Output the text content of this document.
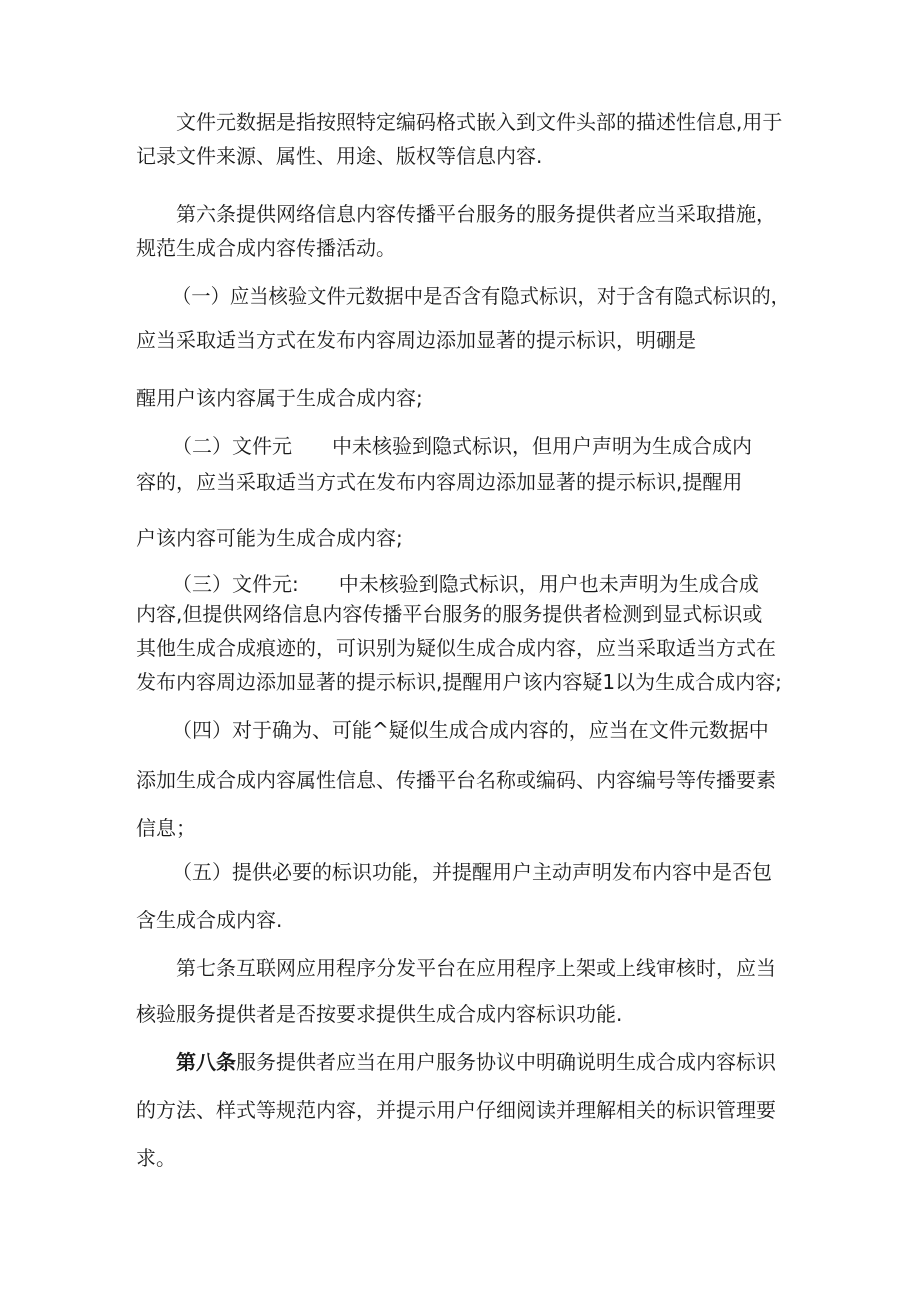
文件元数据是指按照特定编码格式嵌入到文件头部的描述性信息,用于
记录文件来源、属性、用途、版权等信息内容.
第六条提供网络信息内容传播平台服务的服务提供者应当采取措施，
规范生成合成内容传播活动。
（一）应当核验文件元数据中是否含有隐式标识，对于含有隐式标识的，
应当采取适当方式在发布内容周边添加显著的提示标识，明硼是
醒用户该内容属于生成合成内容;
（二）文件元　　中未核验到隐式标识，但用户声明为生成合成内
容的，应当采取适当方式在发布内容周边添加显著的提示标识,提醒用
户该内容可能为生成合成内容;
（三）文件元:　　中未核验到隐式标识，用户也未声明为生成合成
内容,但提供网络信息内容传播平台服务的服务提供者检测到显式标识或
其他生成合成痕迹的，可识别为疑似生成合成内容，应当采取适当方式在
发布内容周边添加显著的提示标识,提醒用户该内容疑1以为生成合成内容;
（四）对于确为、可能^疑似生成合成内容的，应当在文件元数据中
添加生成合成内容属性信息、传播平台名称或编码、内容编号等传播要素
信息；
（五）提供必要的标识功能，并提醒用户主动声明发布内容中是否包
含生成合成内容.
第七条互联网应用程序分发平台在应用程序上架或上线审核时，应当
核验服务提供者是否按要求提供生成合成内容标识功能.
第八条服务提供者应当在用户服务协议中明确说明生成合成内容标识
的方法、样式等规范内容，并提示用户仔细阅读并理解相关的标识管理要
求。
